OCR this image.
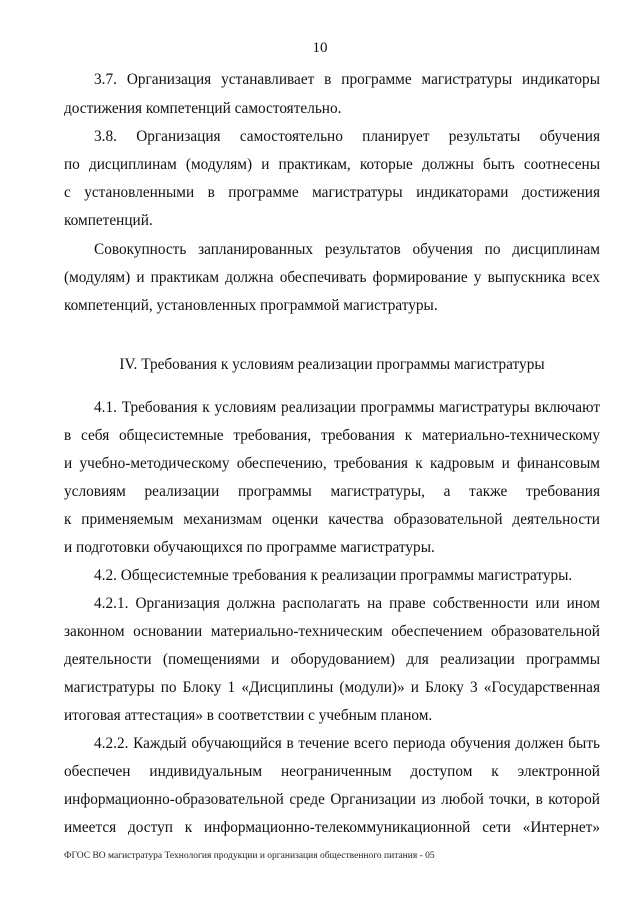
10
3.7. Организация устанавливает в программе магистратуры индикаторы
достижения компетенций самостоятельно.
3.8. Организация самостоятельно планирует результаты обучения
по дисциплинам (модулям) и практикам, которые должны быть соотнесены
с установленными в программе магистратуры индикаторами достижения
компетенций.
Совокупность запланированных результатов обучения по дисциплинам
(модулям) и практикам должна обеспечивать формирование у выпускника всех
компетенций, установленных программой магистратуры.
IV. Требования к условиям реализации программы магистратуры
4.1. Требования к условиям реализации программы магистратуры включают
в себя общесистемные требования, требования к материально-техническому
и учебно-методическому обеспечению, требования к кадровым и финансовым
условиям реализации программы магистратуры, а также требования
к применяемым механизмам оценки качества образовательной деятельности
и подготовки обучающихся по программе магистратуры.
4.2. Общесистемные требования к реализации программы магистратуры.
4.2.1. Организация должна располагать на праве собственности или ином
законном основании материально-техническим обеспечением образовательной
деятельности (помещениями и оборудованием) для реализации программы
магистратуры по Блоку 1 «Дисциплины (модули)» и Блоку 3 «Государственная
итоговая аттестация» в соответствии с учебным планом.
4.2.2. Каждый обучающийся в течение всего периода обучения должен быть
обеспечен индивидуальным неограниченным доступом к электронной
информационно-образовательной среде Организации из любой точки, в которой
имеется доступ к информационно-телекоммуникационной сети «Интернет»
ФГОС ВО магистратура Технология продукции и организация общественного питания - 05
